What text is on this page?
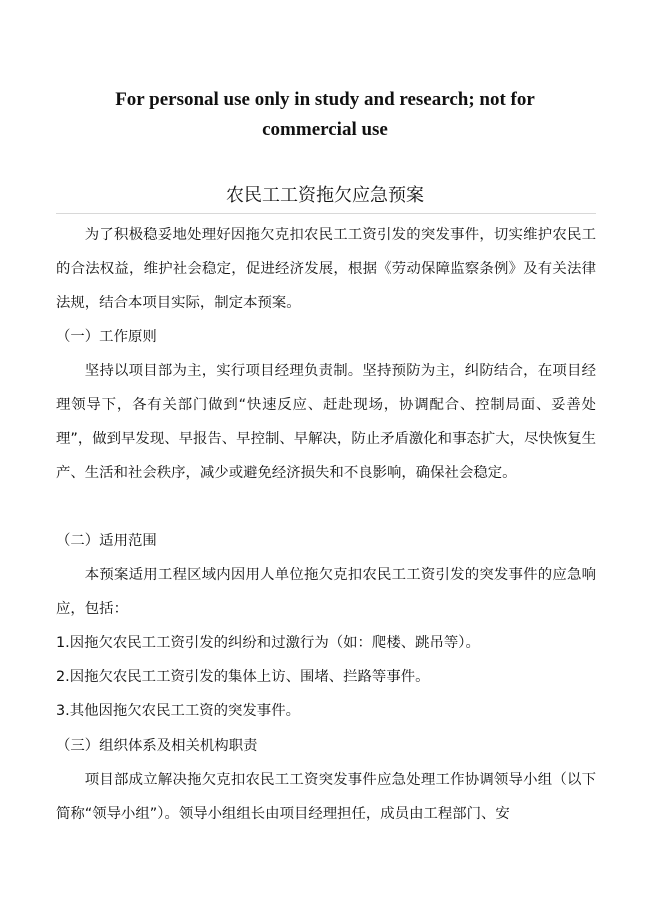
For personal use only in study and research; not for

commercial use

农民工工资拖欠应急预案

为了积极稳妥地处理好因拖欠克扣农民工工资引发的突发事件，切实维护农民工的合法权益，维护社会稳定，促进经济发展，根据《劳动保障监察条例》及有关法律法规，结合本项目实际，制定本预案。

（一）工作原则

坚持以项目部为主，实行项目经理负责制。坚持预防为主，纠防结合，在项目经理领导下，各有关部门做到“快速反应、赶赴现场，协调配合、控制局面、妥善处理”，做到早发现、早报告、早控制、早解决，防止矛盾激化和事态扩大，尽快恢复生产、生活和社会秩序，减少或避免经济损失和不良影响，确保社会稳定。

（二）适用范围

本预案适用工程区域内因用人单位拖欠克扣农民工工资引发的突发事件的应急响应，包括：

1.因拖欠农民工工资引发的纠纷和过激行为（如：爬楼、跳吊等）。

2.因拖欠农民工工资引发的集体上访、围堵、拦路等事件。

3.其他因拖欠农民工工资的突发事件。

（三）组织体系及相关机构职责

项目部成立解决拖欠克扣农民工工资突发事件应急处理工作协调领导小组（以下简称“领导小组”）。领导小组组长由项目经理担任，成员由工程部门、安
